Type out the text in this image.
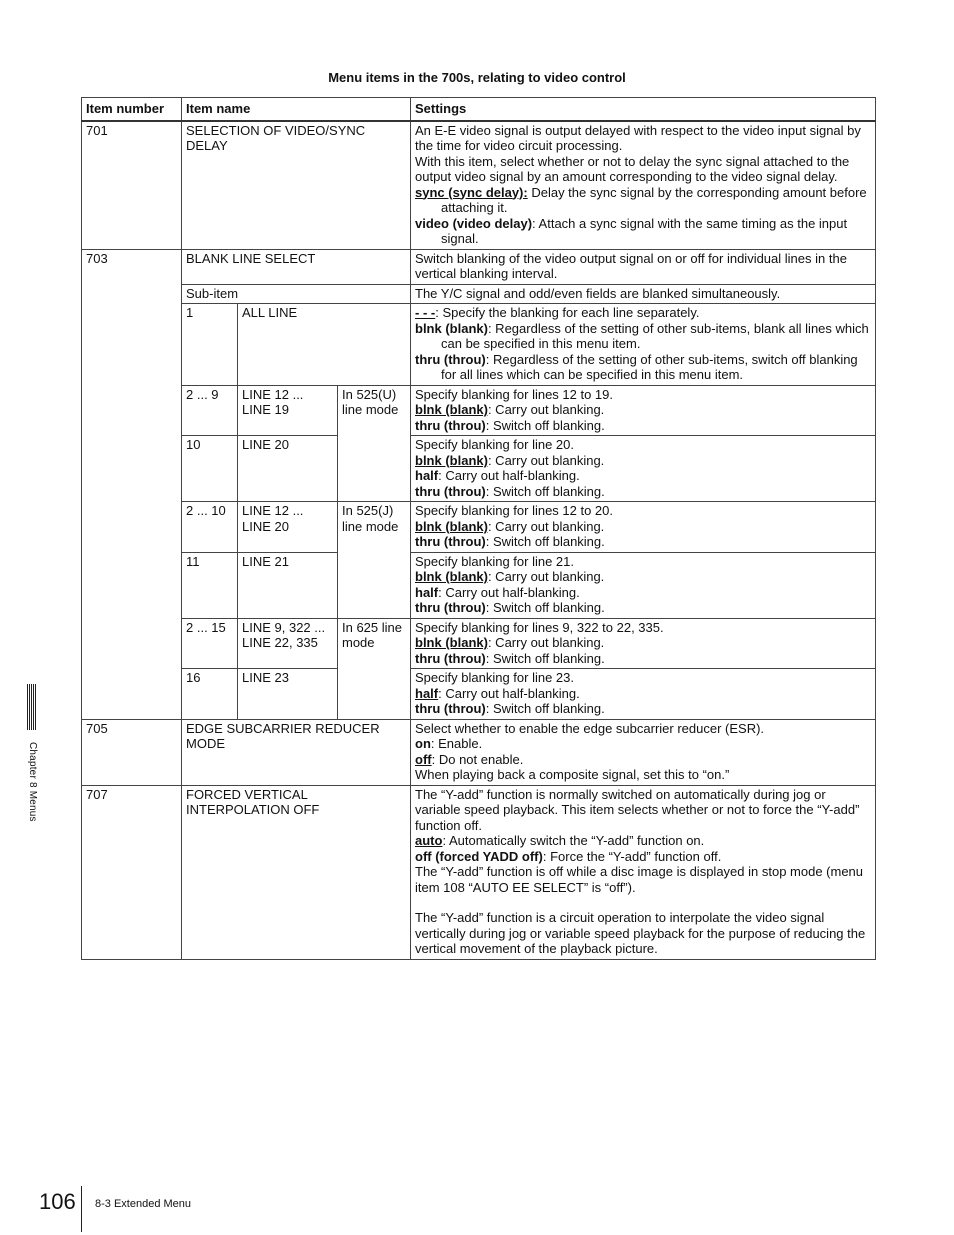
Menu items in the 700s, relating to video control
Item number	Item name			Settings
701	SELECTION OF VIDEO/SYNC DELAY			An E-E video signal is output delayed with respect to the video input signal by the time for video circuit processing.
With this item, select whether or not to delay the sync signal attached to the output video signal by an amount corresponding to the video signal delay.
sync (sync delay): Delay the sync signal by the corresponding amount before attaching it.
video (video delay): Attach a sync signal with the same timing as the input signal.

703	BLANK LINE SELECT			Switch blanking of the video output signal on or off for individual lines in the vertical blanking interval.
	Sub-item			The Y/C signal and odd/even fields are blanked simultaneously.
	1	ALL LINE		- - -: Specify the blanking for each line separately.
blnk (blank): Regardless of the setting of other sub-items, blank all lines which can be specified in this menu item.
thru (throu): Regardless of the setting of other sub-items, switch off blanking for all lines which can be specified in this menu item.

	2 ... 9	LINE 12 ... LINE 19	In 525(U) line mode	Specify blanking for lines 12 to 19.
blnk (blank): Carry out blanking.
thru (throu): Switch off blanking.

	10	LINE 20		Specify blanking for line 20.
blnk (blank): Carry out blanking.
half: Carry out half-blanking.
thru (throu): Switch off blanking.

	2 ... 10	LINE 12 ... LINE 20	In 525(J) line mode	Specify blanking for lines 12 to 20.
blnk (blank): Carry out blanking.
thru (throu): Switch off blanking.

	11	LINE 21		Specify blanking for line 21.
blnk (blank): Carry out blanking.
half: Carry out half-blanking.
thru (throu): Switch off blanking.

	2 ... 15	LINE 9, 322 ... LINE 22, 335	In 625 line mode	Specify blanking for lines 9, 322 to 22, 335.
blnk (blank): Carry out blanking.
thru (throu): Switch off blanking.

	16	LINE 23		Specify blanking for line 23.
half: Carry out half-blanking.
thru (throu): Switch off blanking.

705	EDGE SUBCARRIER REDUCER MODE			Select whether to enable the edge subcarrier reducer (ESR).
on: Enable.
off: Do not enable.
When playing back a composite signal, set this to “on.”

707	FORCED VERTICAL INTERPOLATION OFF			The “Y-add” function is normally switched on automatically during jog or variable speed playback. This item selects whether or not to force the “Y-add” function off.
auto: Automatically switch the “Y-add” function on.
off (forced YADD off): Force the “Y-add” function off.
The “Y-add” function is off while a disc image is displayed in stop mode (menu item 108 “AUTO EE SELECT” is “off”).
The “Y-add” function is a circuit operation to interpolate the video signal vertically during jog or variable speed playback for the purpose of reducing the vertical movement of the playback picture.
Chapter 8 Menus
106 8-3 Extended Menu
